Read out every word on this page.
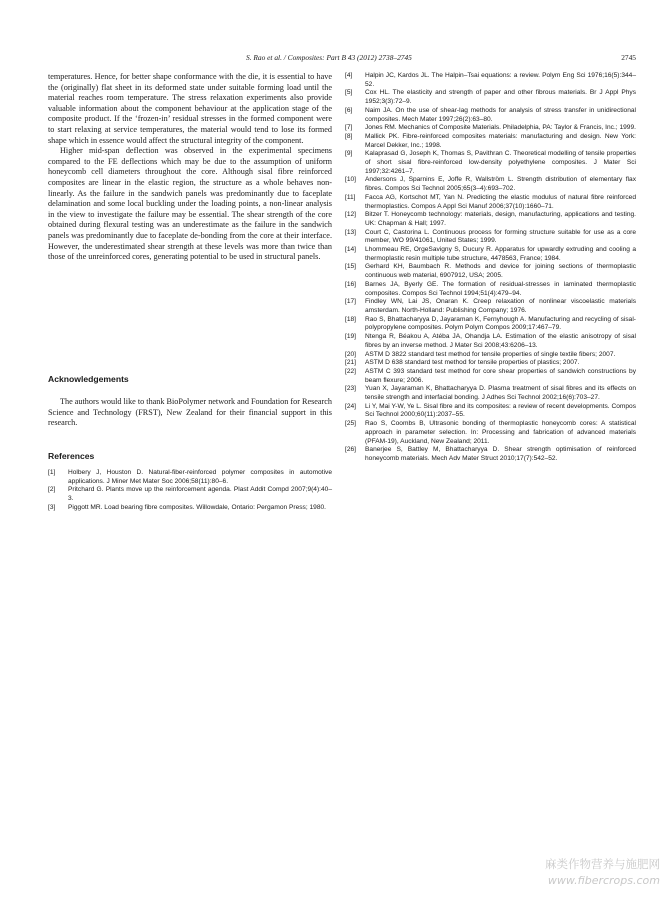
S. Rao et al. / Composites: Part B 43 (2012) 2738–2745	2745

temperatures. Hence, for better shape conformance with the die, it is essential to have the (originally) flat sheet in its deformed state under suitable forming load until the material reaches room temperature. The stress relaxation experiments also provide valuable information about the component behaviour at the application stage of the composite product. If the ‘frozen-in’ residual stresses in the formed component were to start relaxing at service temperatures, the material would tend to lose its formed shape which in essence would affect the structural integrity of the component.

Higher mid-span deflection was observed in the experimental specimens compared to the FE deflections which may be due to the assumption of uniform honeycomb cell diameters throughout the core. Although sisal fibre reinforced composites are linear in the elastic region, the structure as a whole behaves non-linearly. As the failure in the sandwich panels was predominantly due to faceplate delamination and some local buckling under the loading points, a non-linear analysis in the view to investigate the failure may be essential. The shear strength of the core obtained during flexural testing was an underestimate as the failure in the sandwich panels was predominantly due to faceplate de-bonding from the core at their interface. However, the underestimated shear strength at these levels was more than twice than those of the unreinforced cores, generating potential to be used in structural panels.

Acknowledgements

The authors would like to thank BioPolymer network and Foundation for Research Science and Technology (FRST), New Zealand for their financial support in this research.

References
[1]	Holbery J, Houston D. Natural-fiber-reinforced polymer composites in automotive applications. J Miner Met Mater Soc 2006;58(11):80–6.
[2]	Pritchard G. Plants move up the reinforcement agenda. Plast Addit Compd 2007;9(4):40–3.
[3]	Piggott MR. Load bearing fibre composites. Willowdale, Ontario: Pergamon Press; 1980.
[4]	Halpin JC, Kardos JL. The Halpin–Tsai equations: a review. Polym Eng Sci 1976;16(5):344–52.
[5]	Cox HL. The elasticity and strength of paper and other fibrous materials. Br J Appl Phys 1952;3(3):72–9.
[6]	Naim JA. On the use of shear-lag methods for analysis of stress transfer in unidirectional composites. Mech Mater 1997;26(2):63–80.
[7]	Jones RM. Mechanics of Composite Materials. Philadelphia, PA: Taylor & Francis, Inc.; 1999.
[8]	Mallick PK. Fibre-reinforced composites materials: manufacturing and design. New York: Marcel Dekker, Inc.; 1998.
[9]	Kalaprasad G, Joseph K, Thomas S, Pavithran C. Theoretical modelling of tensile properties of short sisal fibre-reinforced low-density polyethylene composites. J Mater Sci 1997;32:4261–7.
[10]	Andersons J, Sparnins E, Joffe R, Wallström L. Strength distribution of elementary flax fibres. Compos Sci Technol 2005;65(3–4):693–702.
[11]	Facca AG, Kortschot MT, Yan N. Predicting the elastic modulus of natural fibre reinforced thermoplastics. Compos A Appl Sci Manuf 2006;37(10):1660–71.
[12]	Bitzer T. Honeycomb technology: materials, design, manufacturing, applications and testing. UK: Chapman & Hall; 1997.
[13]	Court C, Castorina L. Continuous process for forming structure suitable for use as a core member, WO 99/41061, United States; 1999.
[14]	Lhommeau RE, OrgeSavigny S, Ducury R. Apparatus for upwardly extruding and cooling a thermoplastic resin multiple tube structure, 4478563, France; 1984.
[15]	Gerhard KH, Baumbach R. Methods and device for joining sections of thermoplastic continuous web material, 6907912, USA; 2005.
[16]	Barnes JA, Byerly GE. The formation of residual-stresses in laminated thermoplastic composites. Compos Sci Technol 1994;51(4):479–94.
[17]	Findley WN, Lai JS, Onaran K. Creep relaxation of nonlinear viscoelastic materials amsterdam. North-Holland: Publishing Company; 1976.
[18]	Rao S, Bhattacharyya D, Jayaraman K, Fernyhough A. Manufacturing and recycling of sisal-polypropylene composites. Polym Polym Compos 2009;17:467–79.
[19]	Ntenga R, Béakou A, Atéba JA, Ohandja LA. Estimation of the elastic anisotropy of sisal fibres by an inverse method. J Mater Sci 2008;43:6206–13.
[20]	ASTM D 3822 standard test method for tensile properties of single textile fibers; 2007.
[21]	ASTM D 638 standard test method for tensile properties of plastics; 2007.
[22]	ASTM C 393 standard test method for core shear properties of sandwich constructions by beam flexure; 2006.
[23]	Yuan X, Jayaraman K, Bhattacharyya D. Plasma treatment of sisal fibres and its effects on tensile strength and interfacial bonding. J Adhes Sci Technol 2002;16(6):703–27.
[24]	Li Y, Mai Y-W, Ye L. Sisal fibre and its composites: a review of recent developments. Compos Sci Technol 2000;60(11):2037–55.
[25]	Rao S, Coombs B, Ultrasonic bonding of thermoplastic honeycomb cores: A statistical approach in parameter selection. In: Processing and fabrication of advanced materials (PFAM-19), Auckland, New Zealand; 2011.
[26]	Banerjee S, Battley M, Bhattacharyya D. Shear strength optimisation of reinforced honeycomb materials. Mech Adv Mater Struct 2010;17(7):542–52.
麻类作物营养与施肥网
www.fibercrops.com
